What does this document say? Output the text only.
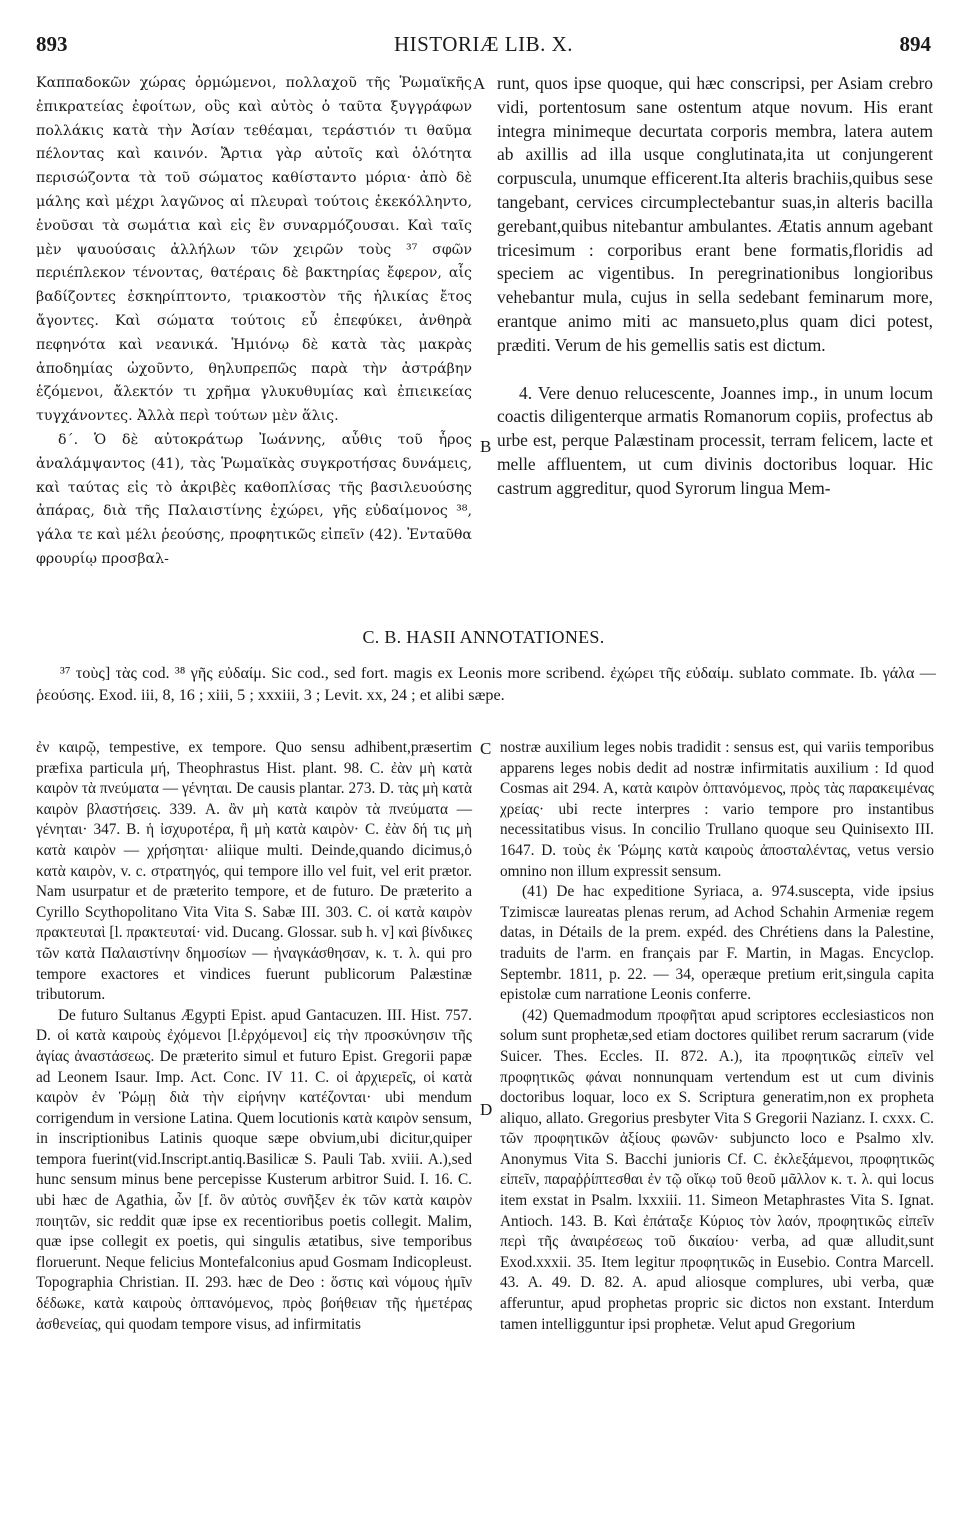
893	HISTORIÆ LIB. X.	894

Καππαδοκῶν χώρας ὁρμώμενοι, πολλαχοῦ τῆς Ῥωμαϊκῆς ἐπικρατείας ἐφοίτων, οὓς καὶ αὐτὸς ὁ ταῦτα ξυγγράφων πολλάκις κατὰ τὴν Ἀσίαν τεθέαμαι, τεράστιόν τι θαῦμα πέλοντας καὶ καινόν. Ἄρτια γὰρ αὐτοῖς καὶ ὁλότητα περισώζοντα τὰ τοῦ σώματος καθίσταντο μόρια· ἀπὸ δὲ μάλης καὶ μέχρι λαγῶνος αἱ πλευραὶ τούτοις ἐκεκόλληντο, ἑνοῦσαι τὰ σωμάτια καὶ εἰς ἓν συναρμόζουσαι. Καὶ ταῖς μὲν ψαυούσαις ἀλλήλων τῶν χειρῶν τοὺς ³⁷ σφῶν περιέπλεκον τένοντας, θατέραις δὲ βακτηρίας ἔφερον, αἷς βαδίζοντες ἐσκηρίπτοντο, τριακοστὸν τῆς ἡλικίας ἔτος ἄγοντες. Καὶ σώματα τούτοις εὖ ἐπεφύκει, ἀνθηρὰ πεφηνότα καὶ νεανικά. Ἡμιόνῳ δὲ κατὰ τὰς μακρὰς ἀποδημίας ὠχοῦντο, θηλυπρεπῶς παρὰ τὴν ἀστράβην ἑζόμενοι, ἄλεκτόν τι χρῆμα γλυκυθυμίας καὶ ἐπιεικείας τυγχάνοντες. Ἀλλὰ περὶ τούτων μὲν ἅλις.

δ΄. Ὁ δὲ αὐτοκράτωρ Ἰωάννης, αὖθις τοῦ ἦρος ἀναλάμψαντος (41), τὰς Ῥωμαϊκὰς συγκροτήσας δυνάμεις, καὶ ταύτας εἰς τὸ ἀκριβὲς καθοπλίσας τῆς βασιλευούσης ἀπάρας, διὰ τῆς Παλαιστίνης ἐχώρει, γῆς εὐδαίμονος ³⁸, γάλα τε καὶ μέλι ῥεούσης, προφητικῶς εἰπεῖν (42). Ἐνταῦθα φρουρίῳ προσβαλ-

A
B

runt, quos ipse quoque, qui hæc conscripsi, per Asiam crebro vidi, portentosum sane ostentum atque novum. His erant integra minimeque decurtata corporis membra, latera autem ab axillis ad illa usque conglutinata,ita ut conjungerent corpuscula, unumque efficerent.Ita alteris brachiis,quibus sese tangebant, cervices circumplectebantur suas,in alteris bacilla gerebant,quibus nitebantur ambulantes. Ætatis annum agebant tricesimum : corporibus erant bene formatis,floridis ad speciem ac vigentibus. In peregrinationibus longioribus vehebantur mula, cujus in sella sedebant feminarum more, erantque animo miti ac mansueto,plus quam dici potest, præditi. Verum de his gemellis satis est dictum.

4. Vere denuo relucescente, Joannes imp., in unum locum coactis diligenterque armatis Romanorum copiis, profectus ab urbe est, perque Palæstinam processit, terram felicem, lacte et melle affluentem, ut cum divinis doctoribus loquar. Hic castrum aggreditur, quod Syrorum lingua Mem-

C. B. HASII ANNOTATIONES.
³⁷ τοὺς] τὰς cod. ³⁸ γῆς εὐδαίμ. Sic cod., sed fort. magis ex Leonis more scribend. ἐχώρει τῆς εὐδαίμ. sublato commate. Ib. γάλα — ῥεούσης. Exod. iii, 8, 16 ; xiii, 5 ; xxxiii, 3 ; Levit. xx, 24 ; et alibi sæpe.

ἐν καιρῷ, tempestive, ex tempore. Quo sensu adhibent,præsertim præfixa particula μή, Theophrastus Hist. plant. 98. C. ἐὰν μὴ κατὰ καιρὸν τὰ πνεύματα — γένηται. De causis plantar. 273. D. τὰς μὴ κατὰ καιρὸν βλαστήσεις. 339. A. ἂν μὴ κατὰ καιρὸν τὰ πνεύματα — γένηται· 347. B. ἡ ἰσχυροτέρα, ἢ μὴ κατὰ καιρὸν· C. ἐὰν δή τις μὴ κατὰ καιρὸν — χρήσηται· aliique multi. Deinde,quando dicimus,ὁ κατὰ καιρὸν, v. c. στρατηγός, qui tempore illo vel fuit, vel erit prætor. Nam usurpatur et de præterito tempore, et de futuro. De præterito a Cyrillo Scythopolitano Vita Vita S. Sabæ III. 303. C. οἱ κατὰ καιρὸν πρακτευταὶ [l. πρακτευταί· vid. Ducang. Glossar. sub h. v] καὶ βίνδικες τῶν κατὰ Παλαιστίνην δημοσίων — ἠναγκάσθησαν, κ. τ. λ. qui pro tempore exactores et vindices fuerunt publicorum Palæstinæ tributorum.

De futuro Sultanus Ægypti Epist. apud Gantacuzen. III. Hist. 757. D. οἱ κατὰ καιροὺς ἐχόμενοι [l.ἐρχόμενοι] εἰς τὴν προσκύνησιν τῆς ἁγίας ἀναστάσεως. De præterito simul et futuro Epist. Gregorii papæ ad Leonem Isaur. Imp. Act. Conc. IV 11. C. οἱ ἀρχιερεῖς, οἱ κατὰ καιρὸν ἐν Ῥώμῃ διὰ τὴν εἰρήνην κατέζονται· ubi mendum corrigendum in versione Latina. Quem locutionis κατὰ καιρὸν sensum, in inscriptionibus Latinis quoque sæpe obvium,ubi dicitur,quiper tempora fuerint(vid.Inscript.antiq.Basilicæ S. Pauli Tab. xviii. A.),sed hunc sensum minus bene percepisse Kusterum arbitror Suid. I. 16. C. ubi hæc de Agathia, ὧν [f. ὃν αὐτὸς συνῆξεν ἐκ τῶν κατὰ καιρὸν ποιητῶν, sic reddit quæ ipse ex recentioribus poetis collegit. Malim, quæ ipse collegit ex poetis, qui singulis ætatibus, sive temporibus floruerunt. Neque felicius Montefalconius apud Gosmam Indicopleust. Topographia Christian. II. 293. hæc de Deo : ὅστις καὶ νόμους ἡμῖν δέδωκε, κατὰ καιροὺς ὀπτανόμενος, πρὸς βοήθειαν τῆς ἡμετέρας ἀσθενείας, qui quodam tempore visus, ad infirmitatis

C
D

nostræ auxilium leges nobis tradidit : sensus est, qui variis temporibus apparens leges nobis dedit ad nostræ infirmitatis auxilium : Id quod Cosmas ait 294. A, κατὰ καιρὸν ὀπτανόμενος, πρὸς τὰς παρακειμένας χρείας· ubi recte interpres : vario tempore pro instantibus necessitatibus visus. In concilio Trullano quoque seu Quinisexto III. 1647. D. τοὺς ἐκ Ῥώμης κατὰ καιροὺς ἀποσταλέντας, vetus versio omnino non illum expressit sensum.

(41) De hac expeditione Syriaca, a. 974.suscepta, vide ipsius Tzimiscæ laureatas plenas rerum, ad Achod Schahin Armeniæ regem datas, in Détails de la prem. expéd. des Chrétiens dans la Palestine, traduits de l'arm. en français par F. Martin, in Magas. Encyclop. Septembr. 1811, p. 22. — 34, operæque pretium erit,singula capita epistolæ cum narratione Leonis conferre.

(42) Quemadmodum προφῆται apud scriptores ecclesiasticos non solum sunt prophetæ,sed etiam doctores quilibet rerum sacrarum (vide Suicer. Thes. Eccles. II. 872. A.), ita προφητικῶς εἰπεῖν vel προφητικῶς φάναι nonnunquam vertendum est ut cum divinis doctoribus loquar, loco ex S. Scriptura generatim,non ex propheta aliquo, allato. Gregorius presbyter Vita S Gregorii Nazianz. I. cxxx. C. τῶν προφητικῶν ἀξίους φωνῶν· subjuncto loco e Psalmo xlv. Anonymus Vita S. Bacchi junioris Cf. C. ἐκλεξάμενοι, προφητικῶς εἰπεῖν, παραῤῥίπτεσθαι ἐν τῷ οἴκῳ τοῦ θεοῦ μᾶλλον κ. τ. λ. qui locus item exstat in Psalm. lxxxiii. 11. Simeon Metaphrastes Vita S. Ignat. Antioch. 143. B. Καὶ ἐπάταξε Κύριος τὸν λαόν, προφητικῶς εἰπεῖν περὶ τῆς ἀναιρέσεως τοῦ δικαίου· verba, ad quæ alludit,sunt Exod.xxxii. 35. Item legitur προφητικῶς in Eusebio. Contra Marcell. 43. A. 49. D. 82. A. apud aliosque complures, ubi verba, quæ afferuntur, apud prophetas propric sic dictos non exstant. Interdum tamen intelligguntur ipsi prophetæ. Velut apud Gregorium
